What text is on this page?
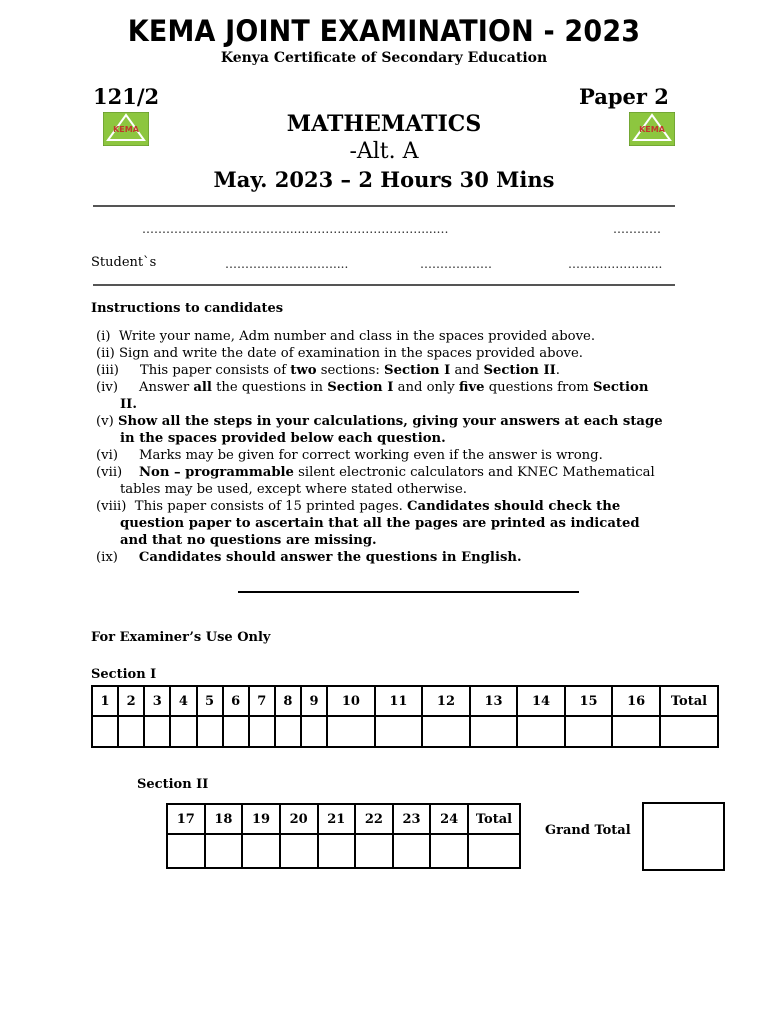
KEMA JOINT EXAMINATION - 2023
Kenya Certificate of Secondary Education
121/2	Paper 2
KEMA	KEMA
MATHEMATICS
-Alt. A
May. 2023 – 2 Hours 30 Mins
………………………………....…………………………....…	…………
Student`s	………………………....	………………	……....……….....
Instructions to candidates
(i) Write your name, Adm number and class in the spaces provided above.
(ii) Sign and write the date of examination in the spaces provided above.
(iii) This paper consists of two sections: Section I and Section II.
(iv) Answer all the questions in Section I and only five questions from Section
II.
(v) Show all the steps in your calculations, giving your answers at each stage
in the spaces provided below each question.
(vi) Marks may be given for correct working even if the answer is wrong.
(vii) Non – programmable silent electronic calculators and KNEC Mathematical
tables may be used, except where stated otherwise.
(viii) This paper consists of 15 printed pages. Candidates should check the
question paper to ascertain that all the pages are printed as indicated
and that no questions are missing.
(ix) Candidates should answer the questions in English.
For Examiner’s Use Only
Section I
1	2	3	4	5	6	7	8	9	10	11	12	13	14	15	16	Total

Section II
17	18	19	20	21	22	23	24	Total

Grand Total
